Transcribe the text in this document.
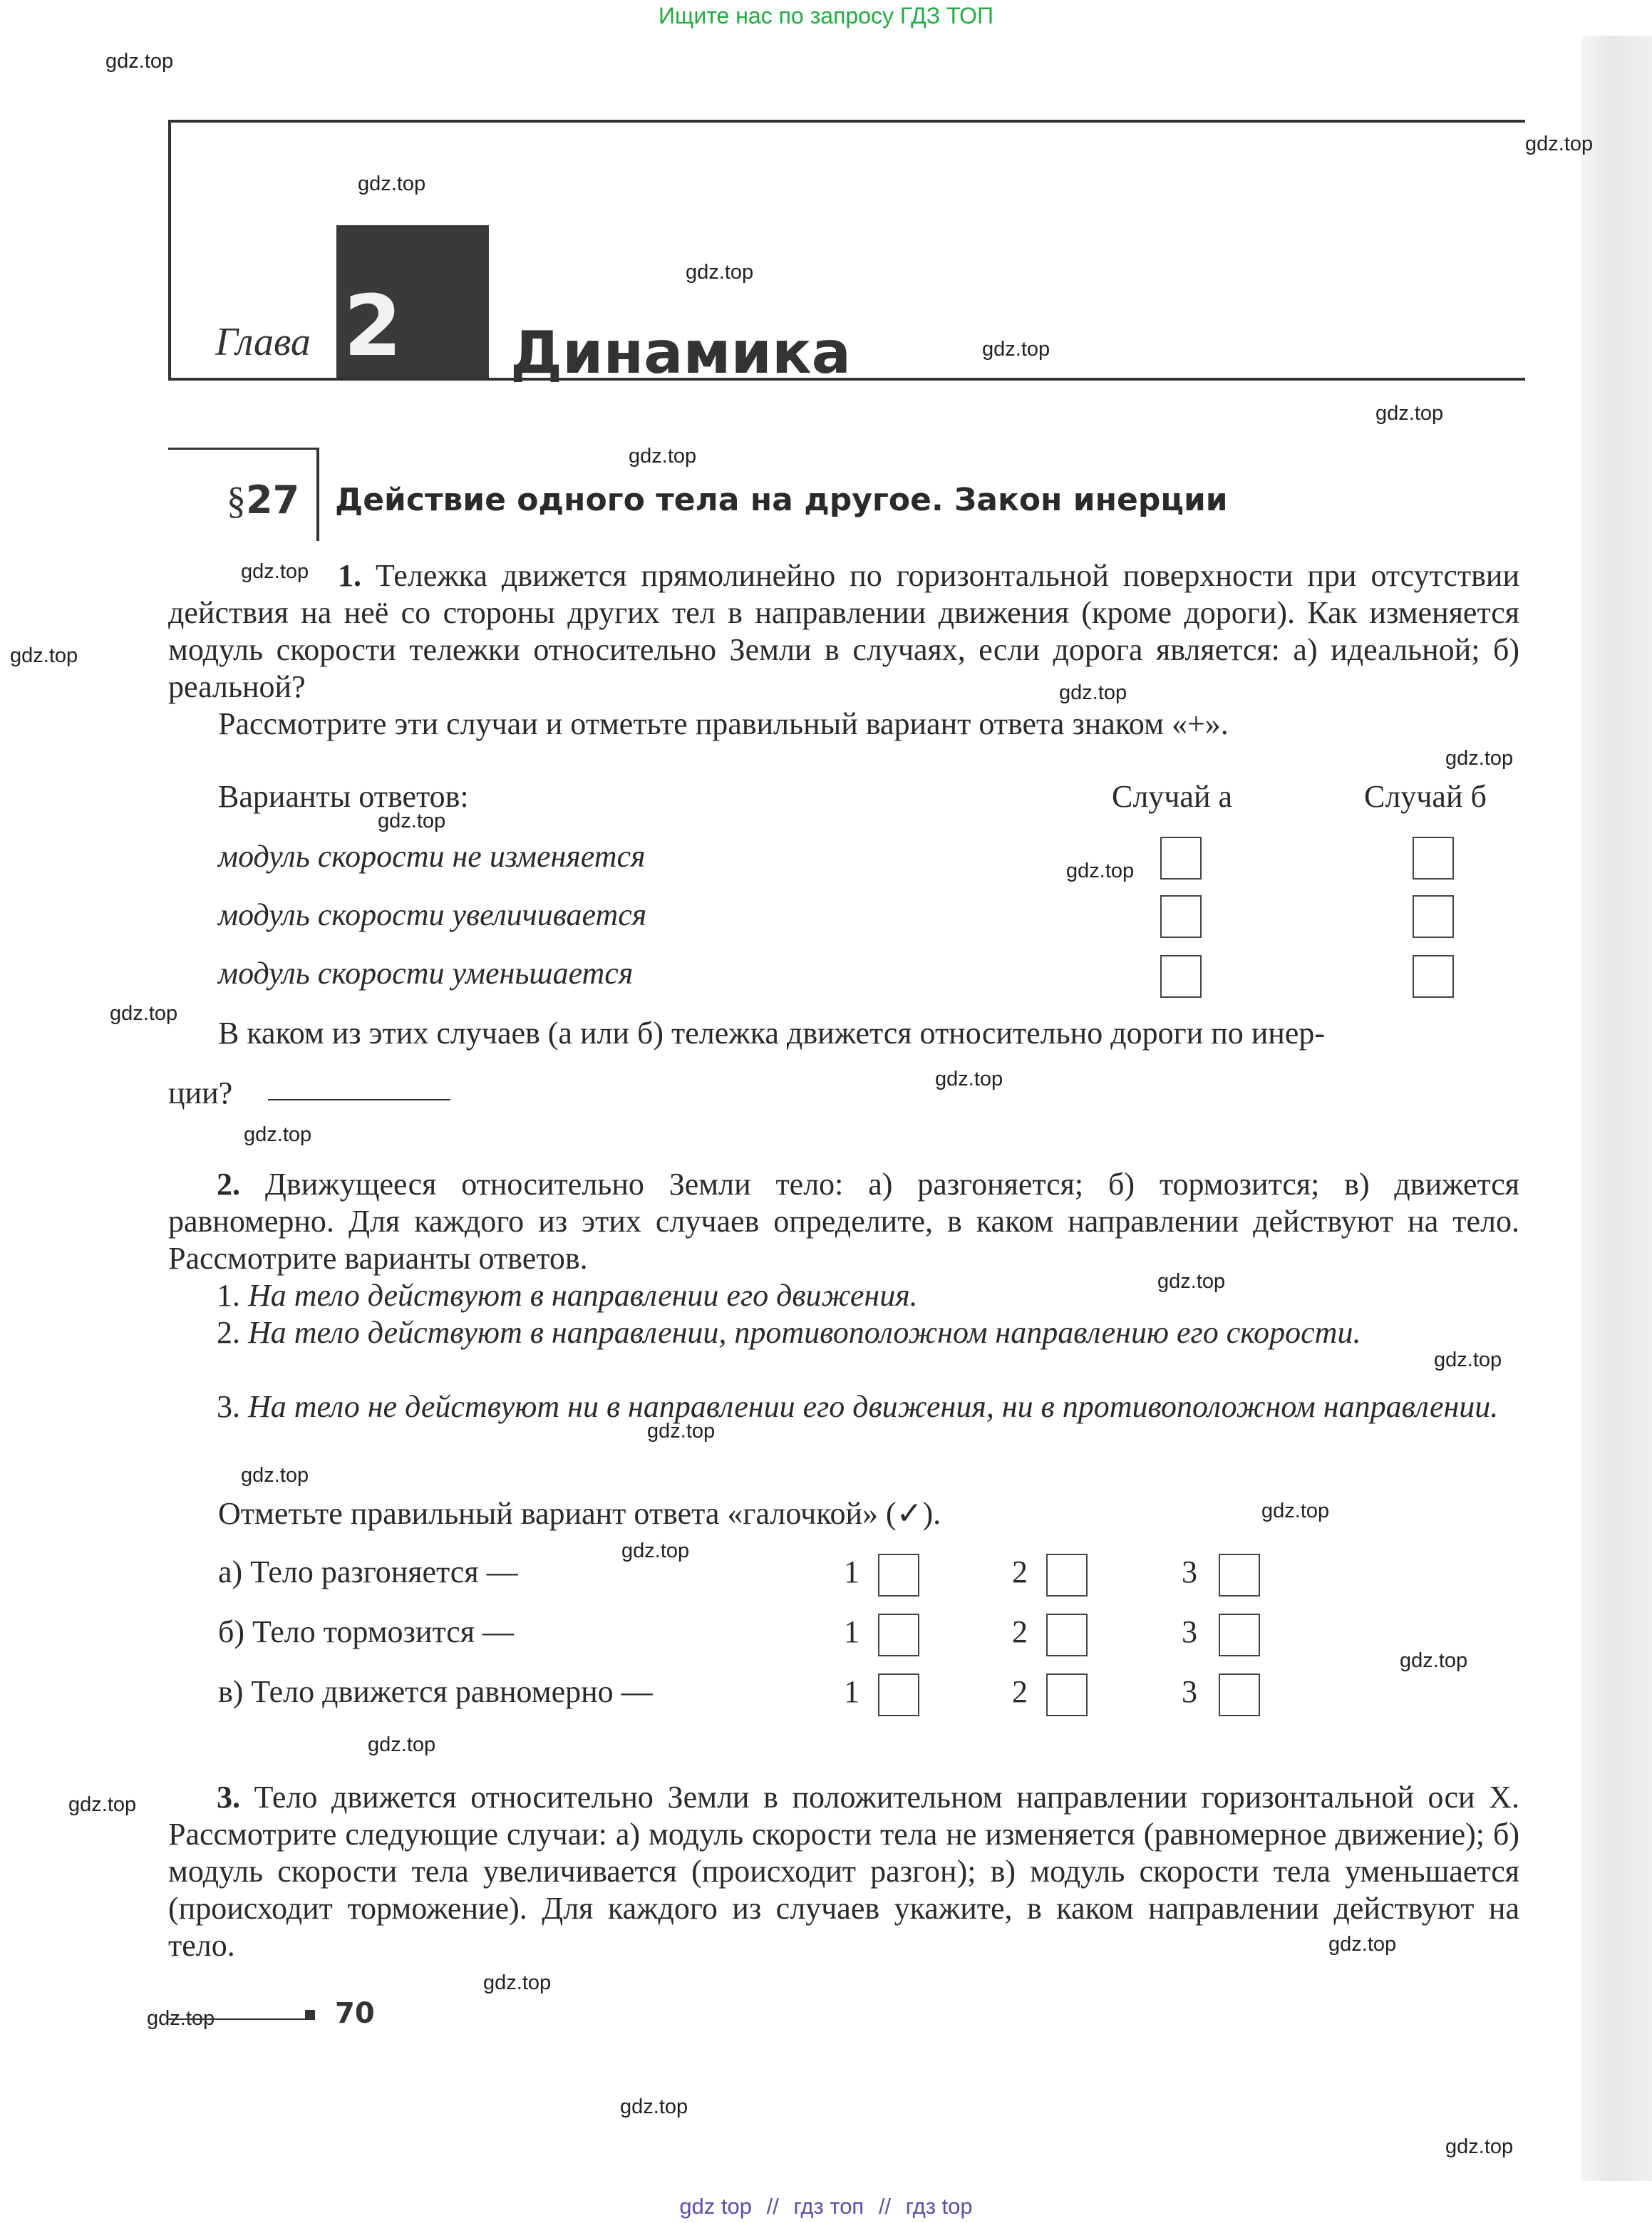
Ищите нас по запросу ГДЗ ТОП
gdz.top
gdz.top
gdz.top
gdz.top
gdz.top
gdz.top
gdz.top
gdz.top
gdz.top
gdz.top
gdz.top
gdz.top
gdz.top
gdz.top
gdz.top
gdz.top
gdz.top
gdz.top
gdz.top
gdz.top
gdz.top
gdz.top
gdz.top
gdz.top
gdz.top
gdz.top
gdz.top
gdz.top
gdz.top
gdz.top
Глава 2 Динамика
§27 Действие одного тела на другое. Закон инерции
1. Тележка движется прямолинейно по горизонтальной поверхности при отсутствии действия на неё со стороны других тел в направлении движения (кроме дороги). Как изменяется модуль скорости тележки относительно Земли в случаях, если дорога является: а) идеальной; б) реальной?
Рассмотрите эти случаи и отметьте правильный вариант ответа знаком «+».
Варианты ответов:	Случай а	Случай б
модуль скорости не изменяется
модуль скорости увеличивается
модуль скорости уменьшается
В каком из этих случаев (а или б) тележка движется относительно дороги по инер-
ции?
2. Движущееся относительно Земли тело: а) разгоняется; б) тормозится; в) движется равномерно. Для каждого из этих случаев определите, в каком направлении действуют на тело. Рассмотрите варианты ответов.
1. На тело действуют в направлении его движения.
2. На тело действуют в направлении, противоположном направлению его скорости.
3. На тело не действуют ни в направлении его движения, ни в противоположном направлении.
Отметьте правильный вариант ответа «галочкой» (✓).
а) Тело разгоняется —	1	2	3
б) Тело тормозится —	1	2	3
в) Тело движется равномерно —	1	2	3
3. Тело движется относительно Земли в положительном направлении горизонтальной оси X. Рассмотрите следующие случаи: а) модуль скорости тела не изменяется (равномерное движение); б) модуль скорости тела увеличивается (происходит разгон); в) модуль скорости тела уменьшается (происходит торможение). Для каждого из случаев укажите, в каком направлении действуют на тело.
70
gdz top // гдз топ // гдз top
